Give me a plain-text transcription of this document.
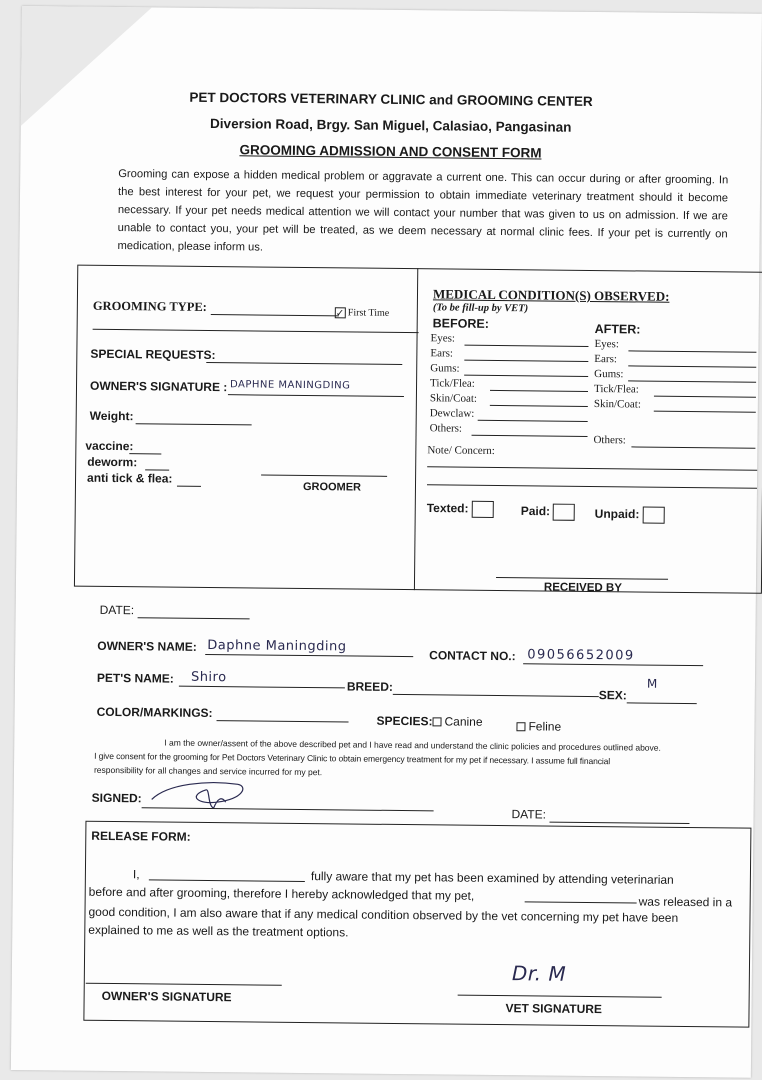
PET DOCTORS VETERINARY CLINIC and GROOMING CENTER
Diversion Road, Brgy. San Miguel, Calasiao, Pangasinan
GROOMING ADMISSION AND CONSENT FORM
Grooming can expose a hidden medical problem or aggravate a current one. This can occur during or after grooming. In the best interest for your pet, we request your permission to obtain immediate veterinary treatment should it become necessary. If your pet needs medical attention we will contact your number that was given to us on admission. If we are unable to contact you, your pet will be treated, as we deem necessary at normal clinic fees. If your pet is currently on medication, please inform us.
GROOMING TYPE:
✓ First Time
SPECIAL REQUESTS:
OWNER'S SIGNATURE : DAPHNE MANINGDING
Weight:
vaccine:
deworm:
anti tick & flea:
GROOMER
MEDICAL CONDITION(S) OBSERVED:
(To be fill-up by VET)
BEFORE:	AFTER:
Eyes:
Ears:
Gums:
Tick/Flea:
Skin/Coat:
Dewclaw:
Others:
Eyes:
Ears:
Gums:
Tick/Flea:
Skin/Coat:
Others:
Note/ Concern:
Texted:	Paid:	Unpaid:
RECEIVED BY
DATE:
OWNER'S NAME: Daphne Maningding
CONTACT NO.: 09056652009
PET'S NAME: Shiro
BREED:
SEX:
M
COLOR/MARKINGS:
SPECIES: Canine	Feline
I am the owner/assent of the above described pet and I have read and understand the clinic policies and procedures outlined above.
I give consent for the grooming for Pet Doctors Veterinary Clinic to obtain emergency treatment for my pet if necessary. I assume full financial
responsibility for all changes and service incurred for my pet.
SIGNED:
DATE:
RELEASE FORM:
I,	fully aware that my pet has been examined by attending veterinarian
before and after grooming, therefore I hereby acknowledged that my pet,	was released in a
good condition, I am also aware that if any medical condition observed by the vet concerning my pet have been
explained to me as well as the treatment options.
OWNER'S SIGNATURE
Dr. M
VET SIGNATURE
